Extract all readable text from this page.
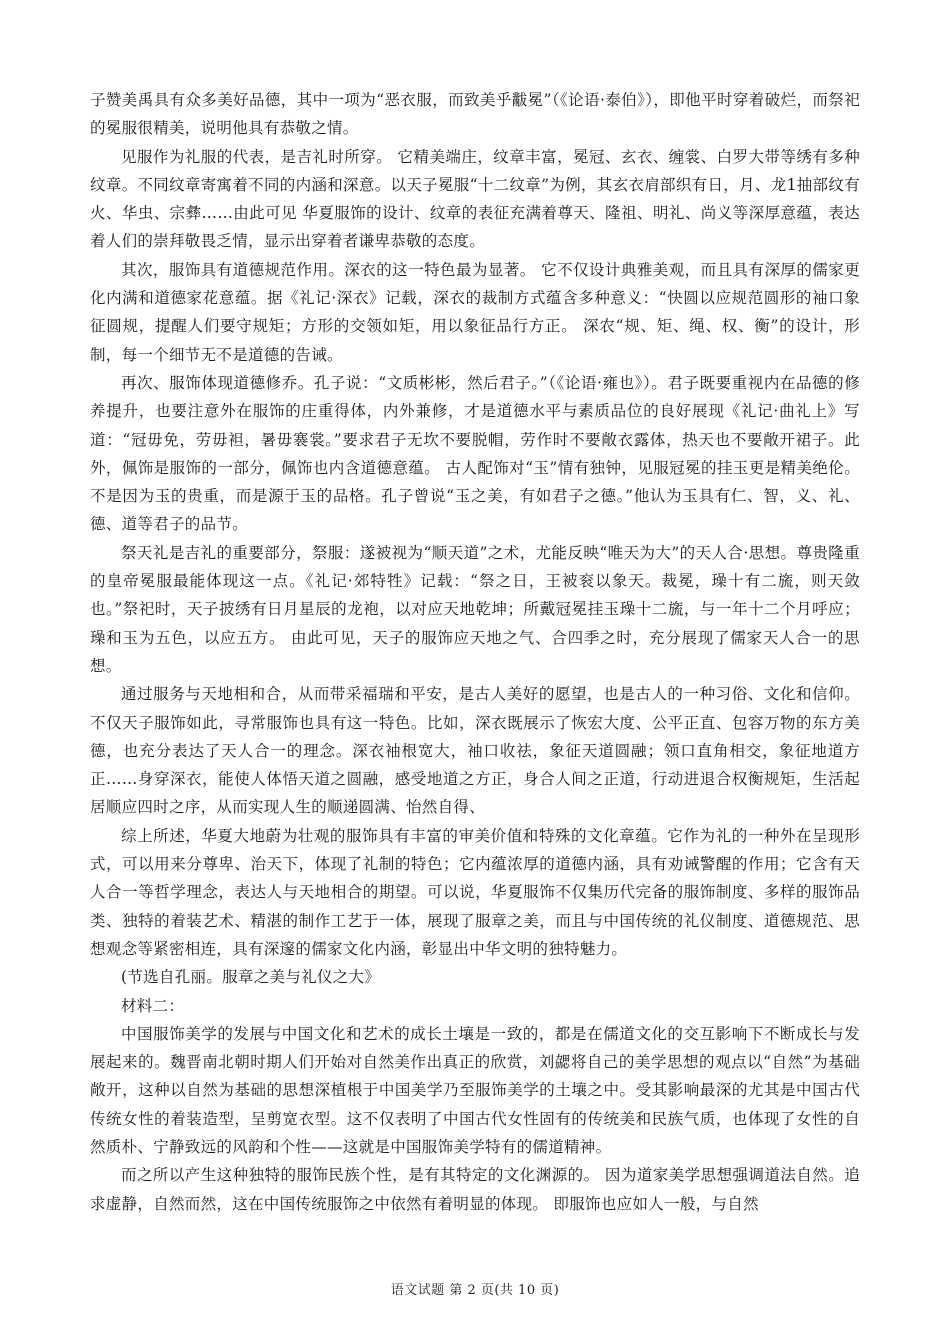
子赞美禹具有众多美好品德，其中一项为“恶衣服，而致美乎黻冕”（《论语·泰伯》），即他平时穿着破烂，而祭祀的冕服很精美，说明他具有恭敬之情。

见服作为礼服的代表，是吉礼时所穿。 它精美端庄，纹章丰富，冕冠、玄衣、缠裳、白罗大带等绣有多种纹章。不同纹章寄寓着不同的内涵和深意。以天子冕服“十二纹章”为例，其玄衣肩部织有日，月、龙1抽部纹有火、华虫、宗彝……由此可见 华夏服饰的设计、纹章的表征充满着尊天、隆祖、明礼、尚义等深厚意蕴，表达着人们的崇拜敬畏乏情，显示出穿着者谦卑恭敬的态度。

其次，服饰具有道德规范作用。深衣的这一特色最为显著。 它不仅设计典雅美观，而且具有深厚的儒家更化内满和道德家花意蕴。据《礼记·深衣》记载，深衣的裁制方式蕴含多种意义：“快圆以应规范圆形的袖口象征圆规，提醒人们要守规矩；方形的交领如矩，用以象征品行方正。 深农“规、矩、绳、权、衡”的设计，形制，每一个细节无不是道德的告诫。

再次、服饰体现道德修乔。孔子说：“文质彬彬，然后君子。”（《论语·雍也》）。君子既要重视内在品德的修养提升，也要注意外在服饰的庄重得体，内外兼修，才是道德水平与素质品位的良好展现《礼记·曲礼上》写道：“冠毋免，劳毋袒，暑毋褰裳。”要求君子无坎不要脱帽，劳作时不要敞衣露体，热天也不要敞开裙子。此外，佩饰是服饰的一部分，佩饰也内含道德意蕴。 古人配饰对“玉”情有独钟，见服冠冕的挂玉更是精美绝伦。不是因为玉的贵重，而是源于玉的品格。孔子曾说“玉之美，有如君子之德。”他认为玉具有仁、智，义、礼、德、道等君子的品节。

祭天礼是吉礼的重要部分，祭服：遂被视为“顺天道”之术，尤能反映“唯天为大”的天人合·思想。尊贵隆重的皇帝冕服最能体现这一点。《礼记·郊特牲》记载：“祭之日，王被衮以象天。裁冕，璪十有二旒，则天敛也。”祭祀时，天子披绣有日月星辰的龙袍，以对应天地乾坤；所戴冠冕挂玉璪十二旒，与一年十二个月呼应；璪和玉为五色，以应五方。 由此可见，天子的服饰应天地之气、合四季之时，充分展现了儒家天人合一的思想。

通过服务与天地相和合，从而带采福瑞和平安，是古人美好的愿望，也是古人的一种习俗、文化和信仰。不仅天子服饰如此，寻常服饰也具有这一特色。比如，深衣既展示了恢宏大度、公平正直、包容万物的东方美德，也充分表达了天人合一的理念。深衣袖根宽大，袖口收祛，象征天道圆融；领口直角相交，象征地道方正……身穿深衣，能使人体悟天道之圆融，感受地道之方正，身合人间之正道，行动进退合权衡规矩，生活起居顺应四时之序，从而实现人生的顺递圆满、怡然自得、

综上所述，华夏大地蔚为壮观的服饰具有丰富的审美价值和特殊的文化章蕴。它作为礼的一种外在呈现形式，可以用来分尊卑、治天下，体现了礼制的特色；它内蕴浓厚的道德内涵，具有劝诫警醒的作用；它含有天人合一等哲学理念，表达人与天地相合的期望。可以说，华夏服饰不仅集历代完备的服饰制度、多样的服饰品类、独特的着装艺术、精湛的制作工艺于一体，展现了服章之美，而且与中国传统的礼仪制度、道德规范、思想观念等紧密相连，具有深邃的儒家文化内涵，彰显出中华文明的独特魅力。

(节选自孔丽。服章之美与礼仪之大》

材料二：

中国服饰美学的发展与中国文化和艺术的成长土壤是一致的，都是在儒道文化的交互影响下不断成长与发展起来的。魏晋南北朝时期人们开始对自然美作出真正的欣赏，刘勰将自己的美学思想的观点以“自然”为基础敞开，这种以自然为基础的思想深植根于中国美学乃至服饰美学的土壤之中。受其影响最深的尤其是中国古代传统女性的着装造型，呈剪宽衣型。这不仅表明了中国古代女性固有的传统美和民族气质，也体现了女性的自然质朴、宁静致远的风韵和个性——这就是中国服饰美学特有的儒道精神。

而之所以产生这种独特的服饰民族个性，是有其特定的文化渊源的。 因为道家美学思想强调道法自然。追求虚静，自然而然，这在中国传统服饰之中依然有着明显的体现。 即服饰也应如人一般，与自然

语文试题 第 2 页(共 10 页)
